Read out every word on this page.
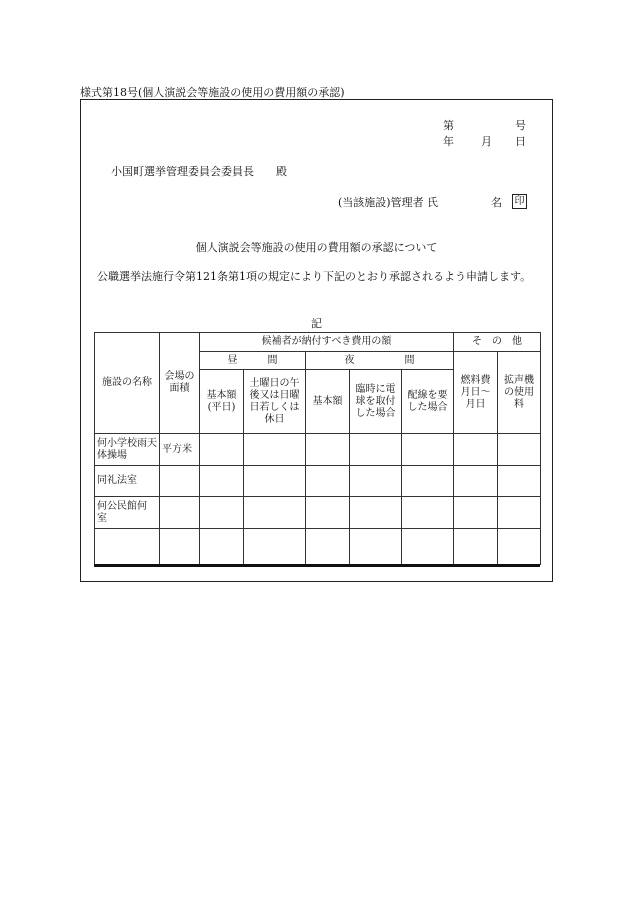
様式第18号(個人演説会等施設の使用の費用額の承認)
第	号
年 月 日
小国町選挙管理委員会委員長　　殿
(当該施設)管理者 氏	名 印
個人演説会等施設の使用の費用額の承認について
公職選挙法施行令第121条第1項の規定により下記のとおり承認されるよう申請します。
記
施設の名称	会場の面積	候補者が納付すべき費用の額					そ　の　他	
		昼　　　間		夜　　　　　間			燃料費月日～月日	拡声機の使用料
		基本額(平日)	土曜日の午後又は日曜日若しくは休日	基本額	臨時に電球を取付した場合	配線を要した場合		
何小学校雨天体操場	平方米							
同礼法室								
何公民館何　　室								
